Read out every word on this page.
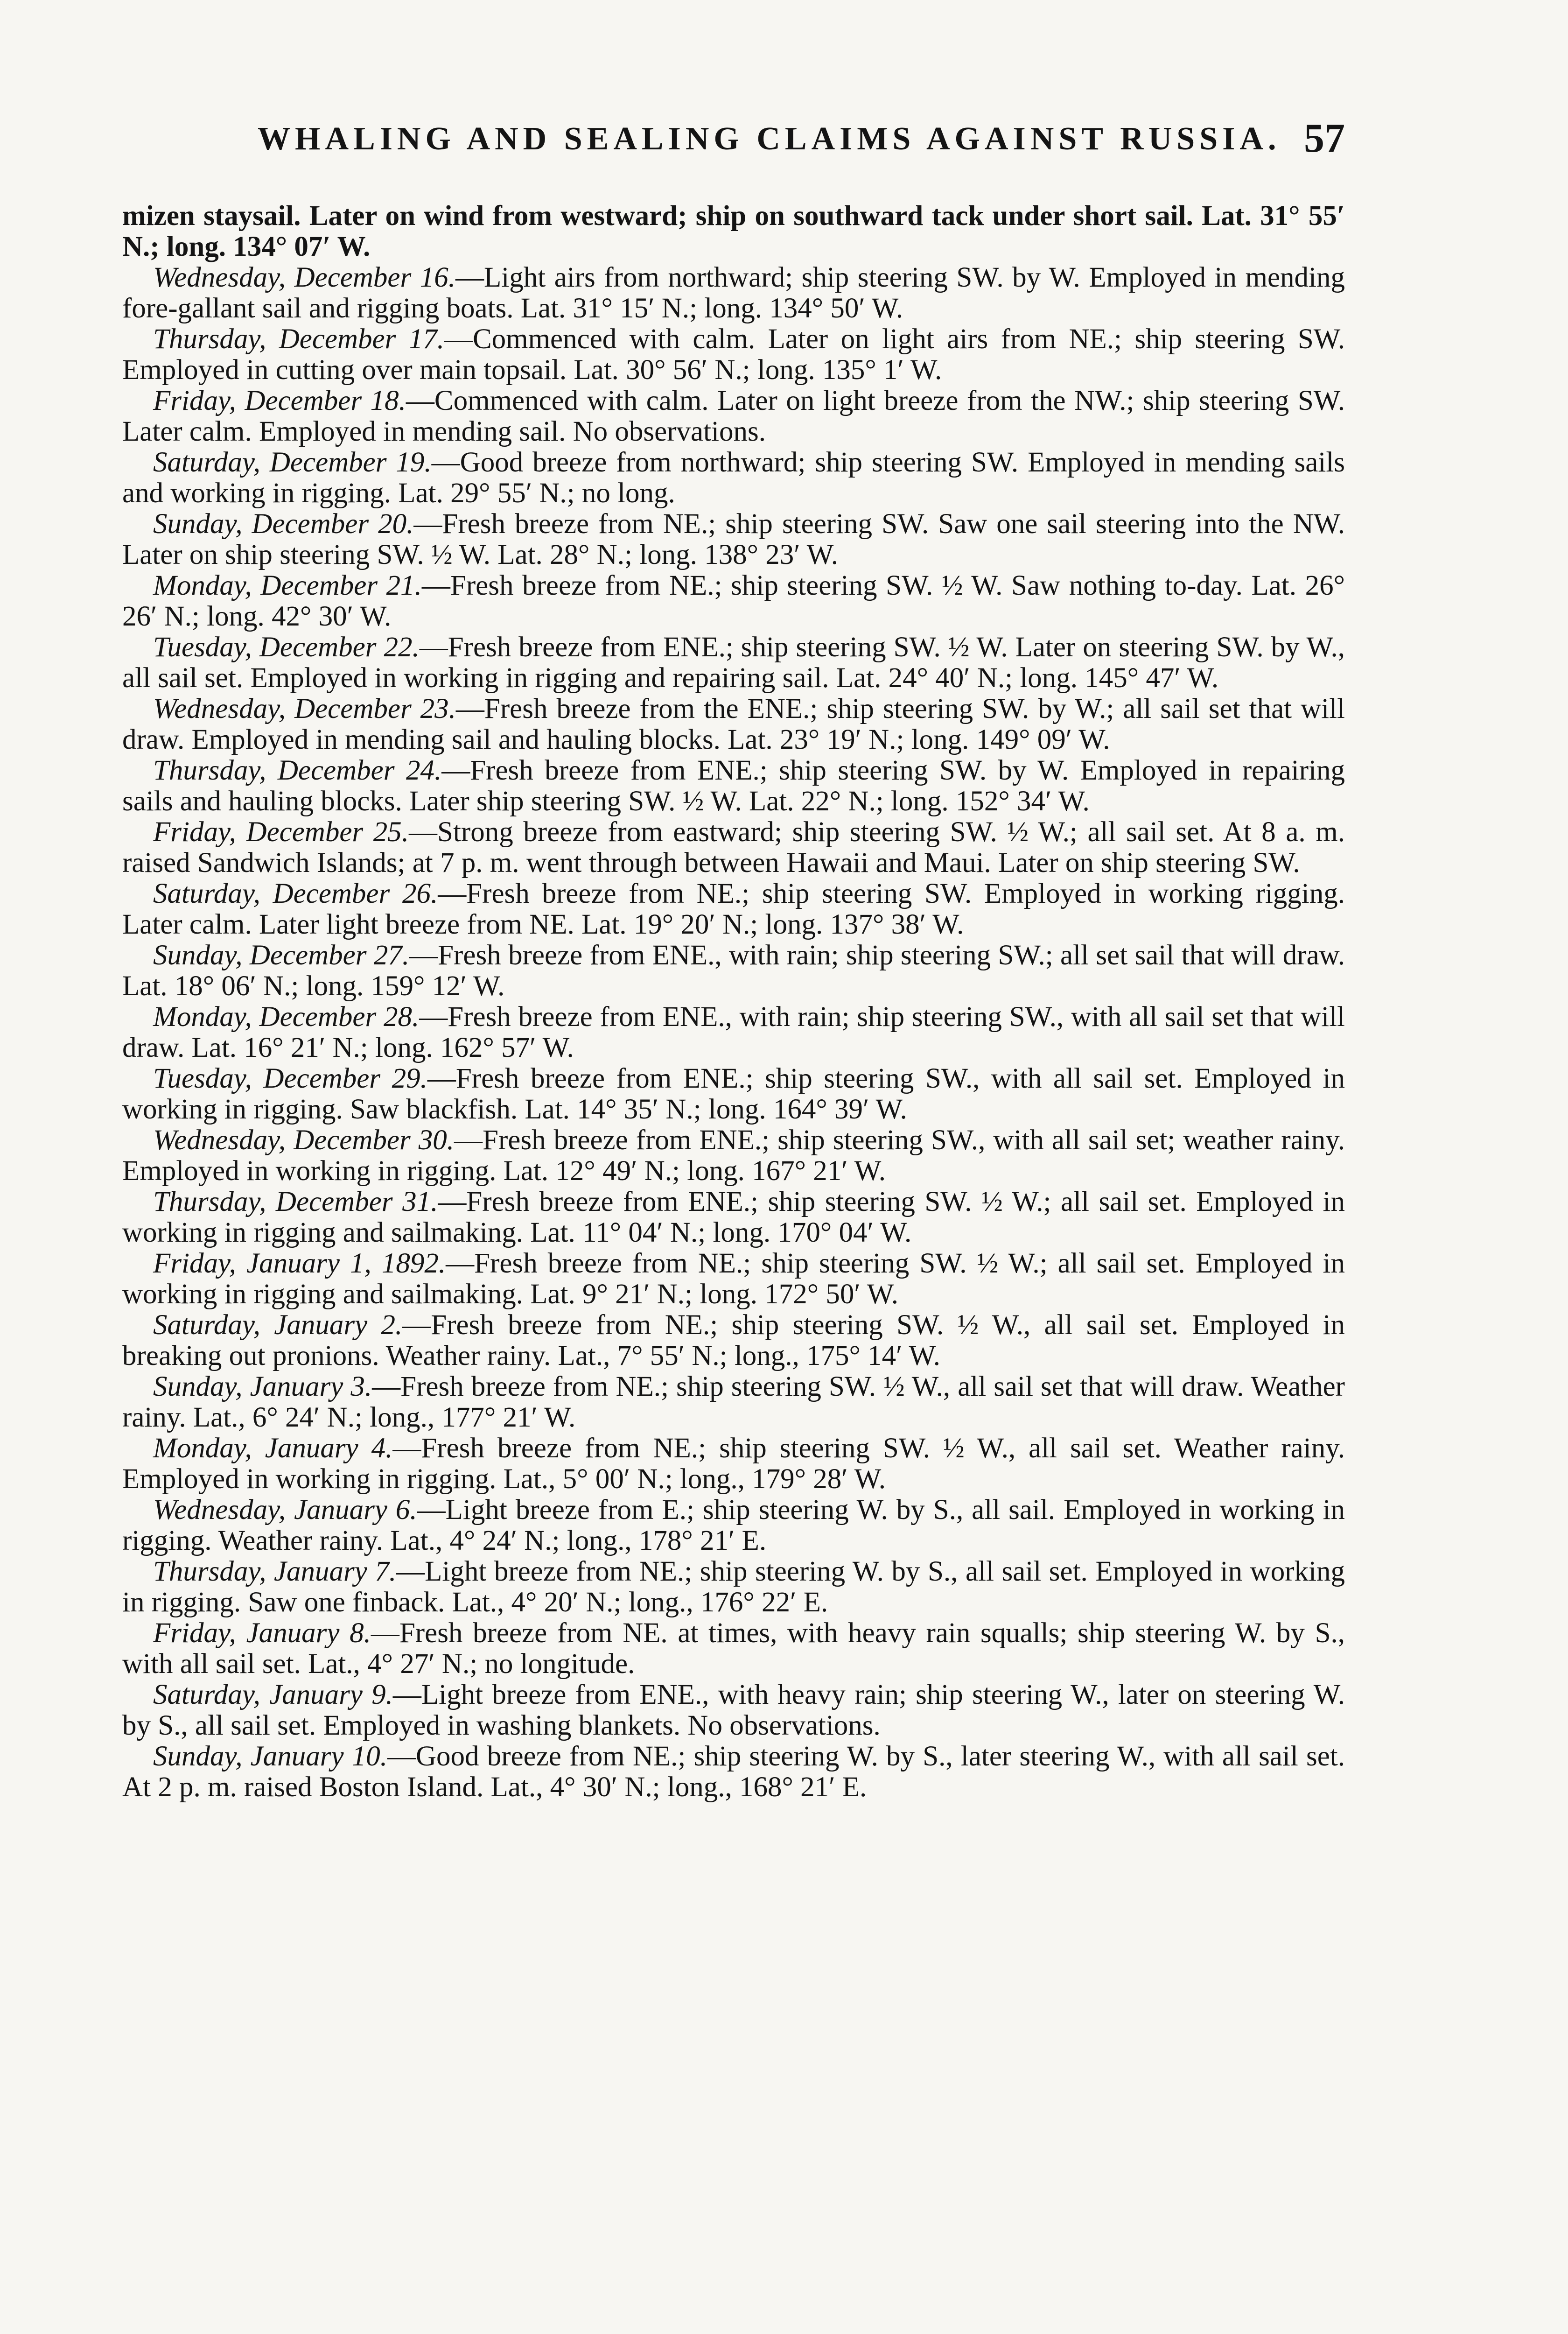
WHALING AND SEALING CLAIMS AGAINST RUSSIA. 57

mizen staysail. Later on wind from westward; ship on southward tack under short sail. Lat. 31° 55′ N.; long. 134° 07′ W.

Wednesday, December 16.—Light airs from northward; ship steering SW. by W. Employed in mending fore-gallant sail and rigging boats. Lat. 31° 15′ N.; long. 134° 50′ W.

Thursday, December 17.—Commenced with calm. Later on light airs from NE.; ship steering SW. Employed in cutting over main topsail. Lat. 30° 56′ N.; long. 135° 1′ W.

Friday, December 18.—Commenced with calm. Later on light breeze from the NW.; ship steering SW. Later calm. Employed in mending sail. No observations.

Saturday, December 19.—Good breeze from northward; ship steering SW. Employed in mending sails and working in rigging. Lat. 29° 55′ N.; no long.

Sunday, December 20.—Fresh breeze from NE.; ship steering SW. Saw one sail steering into the NW. Later on ship steering SW. ½ W. Lat. 28° N.; long. 138° 23′ W.

Monday, December 21.—Fresh breeze from NE.; ship steering SW. ½ W. Saw nothing to-day. Lat. 26° 26′ N.; long. 42° 30′ W.

Tuesday, December 22.—Fresh breeze from ENE.; ship steering SW. ½ W. Later on steering SW. by W., all sail set. Employed in working in rigging and repairing sail. Lat. 24° 40′ N.; long. 145° 47′ W.

Wednesday, December 23.—Fresh breeze from the ENE.; ship steering SW. by W.; all sail set that will draw. Employed in mending sail and hauling blocks. Lat. 23° 19′ N.; long. 149° 09′ W.

Thursday, December 24.—Fresh breeze from ENE.; ship steering SW. by W. Employed in repairing sails and hauling blocks. Later ship steering SW. ½ W. Lat. 22° N.; long. 152° 34′ W.

Friday, December 25.—Strong breeze from eastward; ship steering SW. ½ W.; all sail set. At 8 a. m. raised Sandwich Islands; at 7 p. m. went through between Hawaii and Maui. Later on ship steering SW.

Saturday, December 26.—Fresh breeze from NE.; ship steering SW. Employed in working rigging. Later calm. Later light breeze from NE. Lat. 19° 20′ N.; long. 137° 38′ W.

Sunday, December 27.—Fresh breeze from ENE., with rain; ship steering SW.; all set sail that will draw. Lat. 18° 06′ N.; long. 159° 12′ W.

Monday, December 28.—Fresh breeze from ENE., with rain; ship steering SW., with all sail set that will draw. Lat. 16° 21′ N.; long. 162° 57′ W.

Tuesday, December 29.—Fresh breeze from ENE.; ship steering SW., with all sail set. Employed in working in rigging. Saw blackfish. Lat. 14° 35′ N.; long. 164° 39′ W.

Wednesday, December 30.—Fresh breeze from ENE.; ship steering SW., with all sail set; weather rainy. Employed in working in rigging. Lat. 12° 49′ N.; long. 167° 21′ W.

Thursday, December 31.—Fresh breeze from ENE.; ship steering SW. ½ W.; all sail set. Employed in working in rigging and sailmaking. Lat. 11° 04′ N.; long. 170° 04′ W.

Friday, January 1, 1892.—Fresh breeze from NE.; ship steering SW. ½ W.; all sail set. Employed in working in rigging and sailmaking. Lat. 9° 21′ N.; long. 172° 50′ W.

Saturday, January 2.—Fresh breeze from NE.; ship steering SW. ½ W., all sail set. Employed in breaking out pronions. Weather rainy. Lat., 7° 55′ N.; long., 175° 14′ W.

Sunday, January 3.—Fresh breeze from NE.; ship steering SW. ½ W., all sail set that will draw. Weather rainy. Lat., 6° 24′ N.; long., 177° 21′ W.

Monday, January 4.—Fresh breeze from NE.; ship steering SW. ½ W., all sail set. Weather rainy. Employed in working in rigging. Lat., 5° 00′ N.; long., 179° 28′ W.

Wednesday, January 6.—Light breeze from E.; ship steering W. by S., all sail. Employed in working in rigging. Weather rainy. Lat., 4° 24′ N.; long., 178° 21′ E.

Thursday, January 7.—Light breeze from NE.; ship steering W. by S., all sail set. Employed in working in rigging. Saw one finback. Lat., 4° 20′ N.; long., 176° 22′ E.

Friday, January 8.—Fresh breeze from NE. at times, with heavy rain squalls; ship steering W. by S., with all sail set. Lat., 4° 27′ N.; no longitude.

Saturday, January 9.—Light breeze from ENE., with heavy rain; ship steering W., later on steering W. by S., all sail set. Employed in washing blankets. No observations.

Sunday, January 10.—Good breeze from NE.; ship steering W. by S., later steering W., with all sail set. At 2 p. m. raised Boston Island. Lat., 4° 30′ N.; long., 168° 21′ E.
